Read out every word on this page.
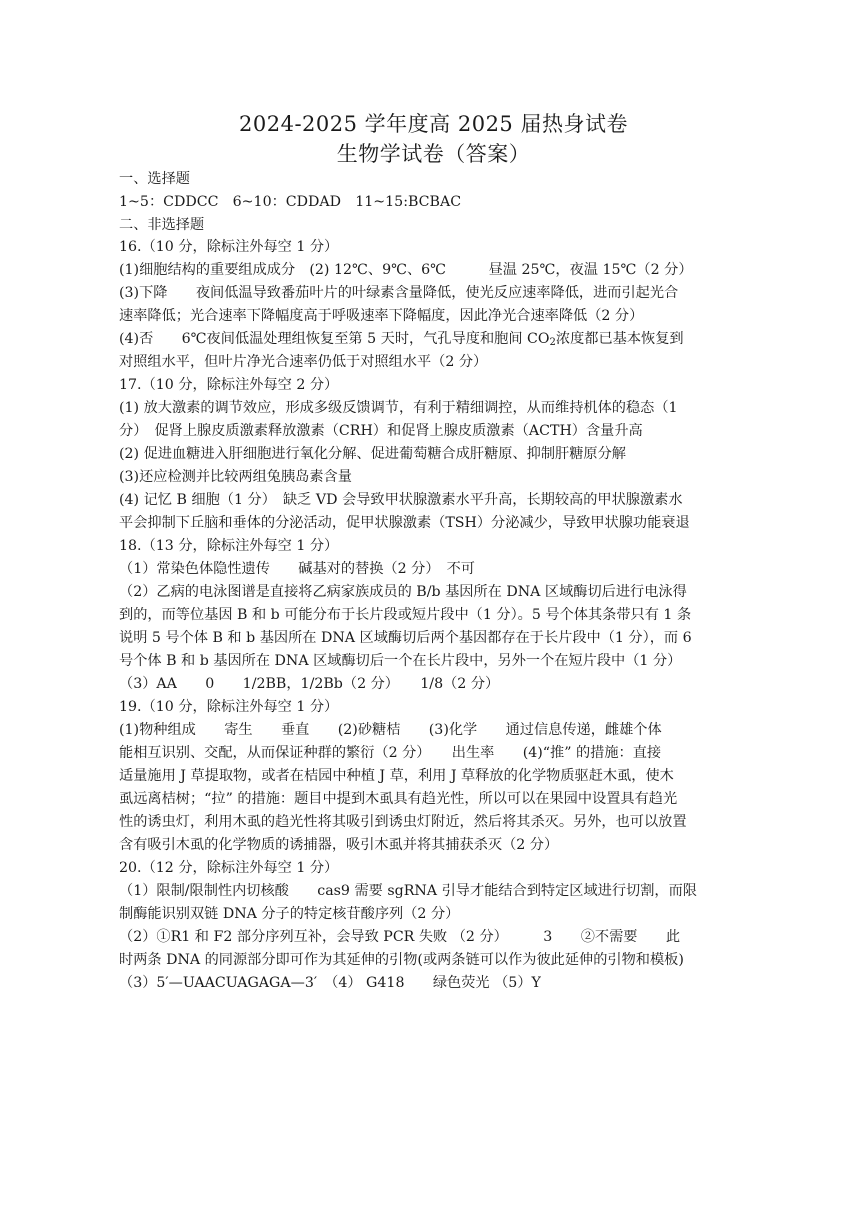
2024-2025 学年度高 2025 届热身试卷
生物学试卷（答案）
一、选择题
1~5：CDDCC　6~10：CDDAD　11~15:BCBAC
二、非选择题
16.（10 分，除标注外每空 1 分）
(1)细胞结构的重要组成成分　(2) 12℃、9℃、6℃　　　昼温 25℃，夜温 15℃（2 分）
(3)下降　　夜间低温导致番茄叶片的叶绿素含量降低，使光反应速率降低，进而引起光合
速率降低；光合速率下降幅度高于呼吸速率下降幅度，因此净光合速率降低（2 分）
(4)否　　6℃夜间低温处理组恢复至第 5 天时，气孔导度和胞间 $CO_2$浓度都已基本恢复到
对照组水平，但叶片净光合速率仍低于对照组水平（2 分）
17.（10 分，除标注外每空 2 分）
(1) 放大激素的调节效应，形成多级反馈调节，有利于精细调控，从而维持机体的稳态（1
分）　促肾上腺皮质激素释放激素（CRH）和促肾上腺皮质激素（ACTH）含量升高
(2) 促进血糖进入肝细胞进行氧化分解、促进葡萄糖合成肝糖原、抑制肝糖原分解
(3)还应检测并比较两组兔胰岛素含量
(4) 记忆 B 细胞（1 分）　缺乏 VD 会导致甲状腺激素水平升高，长期较高的甲状腺激素水
平会抑制下丘脑和垂体的分泌活动，促甲状腺激素（TSH）分泌减少，导致甲状腺功能衰退
18.（13 分，除标注外每空 1 分）
（1）常染色体隐性遗传　　碱基对的替换（2 分）　不可
（2）乙病的电泳图谱是直接将乙病家族成员的 B/b 基因所在 DNA 区域酶切后进行电泳得
到的，而等位基因 B 和 b 可能分布于长片段或短片段中（1 分）。5 号个体其条带只有 1 条
说明 5 号个体 B 和 b 基因所在 DNA 区域酶切后两个基因都存在于长片段中（1 分），而 6
号个体 B 和 b 基因所在 DNA 区域酶切后一个在长片段中，另外一个在短片段中（1 分）
（3）AA　　0　　1/2BB，1/2Bb（2 分）　　1/8（2 分）
19.（10 分，除标注外每空 1 分）
(1)物种组成　　寄生　　垂直　　(2)砂糖桔　　(3)化学　　通过信息传递，雌雄个体
能相互识别、交配，从而保证种群的繁衍（2 分）　　出生率　　(4)“推” 的措施：直接
适量施用 J 草提取物，或者在桔园中种植 J 草，利用 J 草释放的化学物质驱赶木虱，使木
虱远离桔树；“拉” 的措施：题目中提到木虱具有趋光性，所以可以在果园中设置具有趋光
性的诱虫灯，利用木虱的趋光性将其吸引到诱虫灯附近，然后将其杀灭。另外，也可以放置
含有吸引木虱的化学物质的诱捕器，吸引木虱并将其捕获杀灭（2 分）
20.（12 分，除标注外每空 1 分）
（1）限制/限制性内切核酸　　cas9 需要 sgRNA 引导才能结合到特定区域进行切割，而限
制酶能识别双链 DNA 分子的特定核苷酸序列（2 分）
（2）①R1 和 F2 部分序列互补，会导致 PCR 失败 （2 分）　　　3　　②不需要　　此
时两条 DNA 的同源部分即可作为其延伸的引物(或两条链可以作为彼此延伸的引物和模板)
（3）5′—UAACUAGAGA—3′　（4） G418　　绿色荧光 （5）Y
